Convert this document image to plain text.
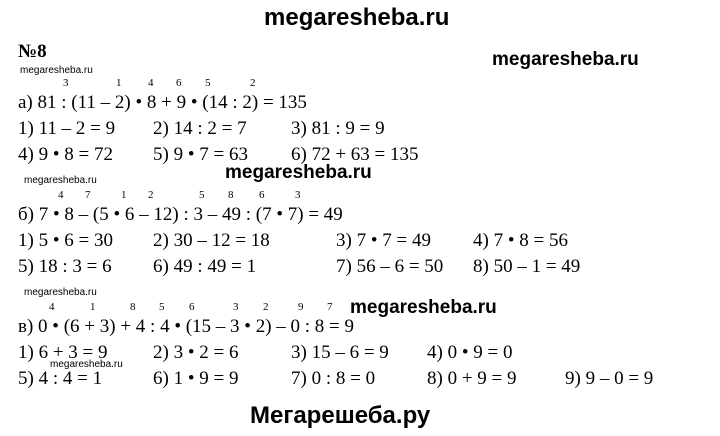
megaresheba.ru
megaresheba.ru
megaresheba.ru
megaresheba.ru
megaresheba.ru
megaresheba.ru
megaresheba.ru
megaresheba.ru
Мегарешеба.ру
№8
3	1 4 6 5	2
а) 81 : (11 – 2) • 8 + 9 • (14 : 2) = 135
1) 11 – 2 = 9 2) 14 : 2 = 7 3) 81 : 9 = 9
4) 9 • 8 = 72 5) 9 • 7 = 63 6) 72 + 63 = 135
4 7	1 2	5 8 6	3
б) 7 • 8 – (5 • 6 – 12) : 3 – 49 : (7 • 7) = 49
1) 5 • 6 = 30 2) 30 – 12 = 18	3) 7 • 7 = 49 4) 7 • 8 = 56
5) 18 : 3 = 6 6) 49 : 49 = 1	7) 56 – 6 = 50 8) 50 – 1 = 49
4	1	8 5 6	3 2	9 7
в) 0 • (6 + 3) + 4 : 4 • (15 – 3 • 2) – 0 : 8 = 9
1) 6 + 3 = 9 2) 3 • 2 = 6	3) 15 – 6 = 9 4) 0 • 9 = 0
5) 4 : 4 = 1	6) 1 • 9 = 9	7) 0 : 8 = 0	8) 0 + 9 = 9	9) 9 – 0 = 9
